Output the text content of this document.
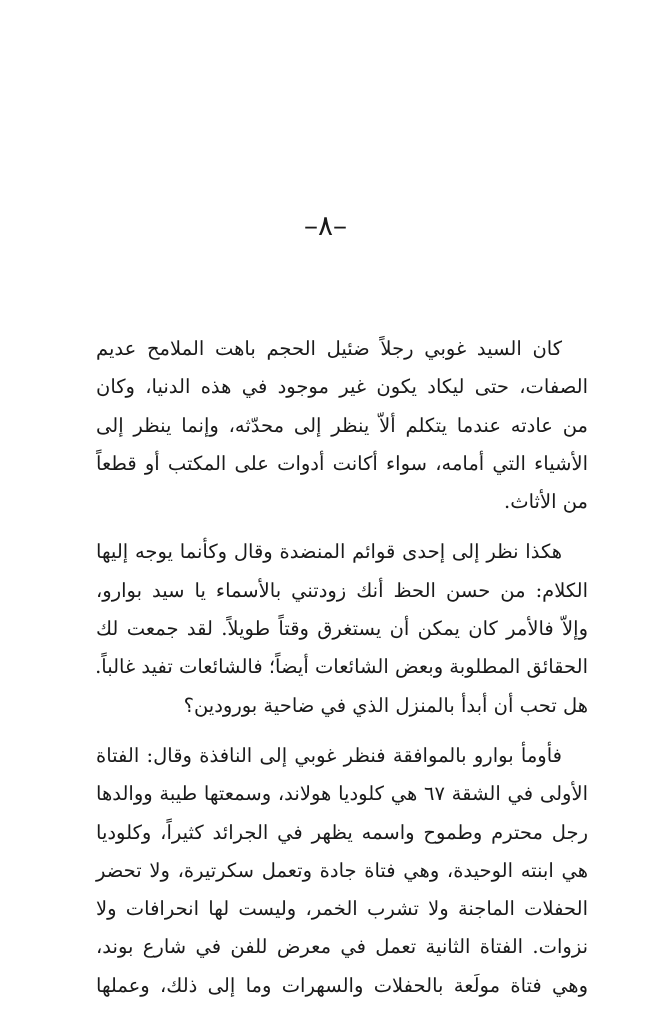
–٨–

كان السيد غوبي رجلاً ضئيل الحجم باهت الملامح عديم
الصفات، حتى ليكاد يكون غير موجود في هذه الدنيا، وكان
من عادته عندما يتكلم ألاّ ينظر إلى محدّثه، وإنما ينظر إلى
الأشياء التي أمامه، سواء أكانت أدوات على المكتب أو قطعاً
من الأثاث.

هكذا نظر إلى إحدى قوائم المنضدة وقال وكأنما يوجه إليها
الكلام: من حسن الحظ أنك زودتني بالأسماء يا سيد بوارو،
وإلاّ فالأمر كان يمكن أن يستغرق وقتاً طويلاً. لقد جمعت لك
الحقائق المطلوبة وبعض الشائعات أيضاً؛ فالشائعات تفيد غالباً.
هل تحب أن أبدأ بالمنزل الذي في ضاحية بورودين؟

فأومأ بوارو بالموافقة فنظر غوبي إلى النافذة وقال: الفتاة
الأولى في الشقة ٦٧ هي كلوديا هولاند، وسمعتها طيبة ووالدها
رجل محترم وطموح واسمه يظهر في الجرائد كثيراً، وكلوديا
هي ابنته الوحيدة، وهي فتاة جادة وتعمل سكرتيرة، ولا تحضر
الحفلات الماجنة ولا تشرب الخمر، وليست لها انحرافات ولا
نزوات. الفتاة الثانية تعمل في معرض للفن في شارع بوند،
وهي فتاة مولَعة بالحفلات والسهرات وما إلى ذلك، وعملها
